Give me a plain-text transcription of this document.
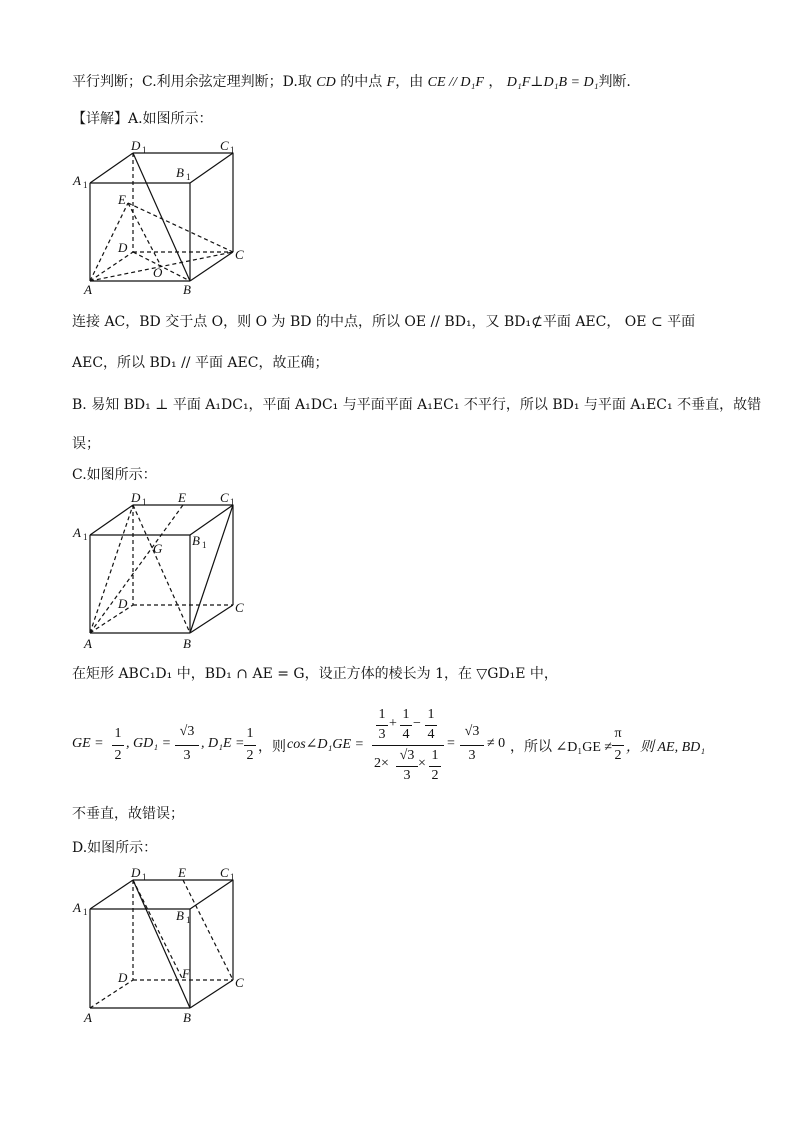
平行判断；C.利用余弦定理判断；D.取 CD 的中点 F，由 CE // D₁F ， D₁F⊥D₁B = D₁判断.
【详解】A.如图所示：
D 1	C 1
A 1
B 1
E
D	C
O
A	B
连接 AC，BD 交于点 O，则 O 为 BD 的中点，所以 OE // BD₁，又 BD₁⊄平面 AEC， OE ⊂ 平面
AEC，所以 BD₁ // 平面 AEC，故正确；
B. 易知 BD₁ ⊥ 平面 A₁DC₁，平面 A₁DC₁ 与平面平面 A₁EC₁ 不平行，所以 BD₁ 与平面 A₁EC₁ 不垂直，故错
误；
C.如图所示：
D 1 E	C 1
A 1
G
B 1
D	C
A	B
在矩形 ABC₁D₁ 中，BD₁ ∩ AE = G，设正方体的棱长为 1，在 ▽GD₁E 中，
GE =
1
2
, GD₁ =
√3
3
, D₁E =
1
2
，则 cos∠D₁GE =
1
3
+
1
4
−
1
4
2×
√3
3
×
1
2
=
√3
3
≠ 0 ，所以 ∠D₁GE ≠
π
2
，则 AE, BD₁
不垂直，故错误；
D.如图所示：
D 1 E	C 1
A 1	B 1
D	F
C
A	B
